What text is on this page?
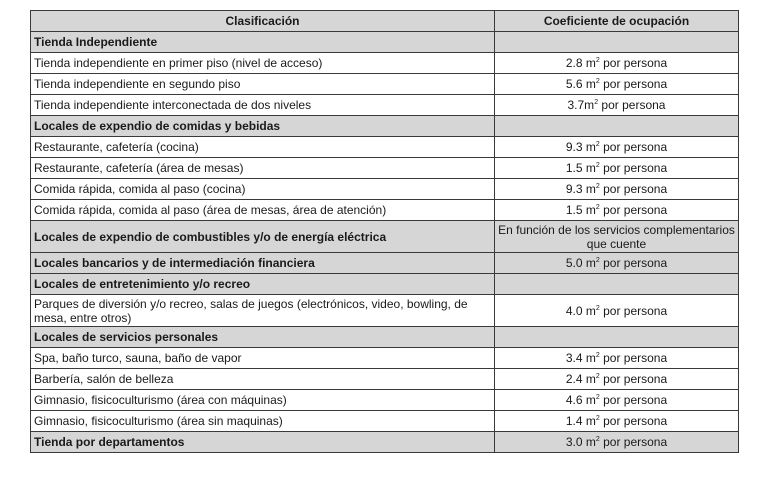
Clasificación	Coeficiente de ocupación
Tienda Independiente	
Tienda independiente en primer piso (nivel de acceso)	2.8 $m^2$ por persona
Tienda independiente en segundo piso	5.6 $m^2$ por persona
Tienda independiente interconectada de dos niveles	$3.7m^2$ por persona
Locales de expendio de comidas y bebidas	
Restaurante, cafetería (cocina)	9.3 $m^2$ por persona
Restaurante, cafetería (área de mesas)	1.5 $m^2$ por persona
Comida rápida, comida al paso (cocina)	9.3 $m^2$ por persona
Comida rápida, comida al paso (área de mesas, área de atención)	1.5 $m^2$ por persona
Locales de expendio de combustibles y/o de energía eléctrica	En función de los servicios complementarios que cuente
Locales bancarios y de intermediación financiera	5.0 $m^2$ por persona
Locales de entretenimiento y/o recreo	
Parques de diversión y/o recreo, salas de juegos (electrónicos, video, bowling, de mesa, entre otros)	4.0 $m^2$ por persona
Locales de servicios personales	
Spa, baño turco, sauna, baño de vapor	3.4 $m^2$ por persona
Barbería, salón de belleza	2.4 $m^2$ por persona
Gimnasio, fisicoculturismo (área con máquinas)	4.6 $m^2$ por persona
Gimnasio, fisicoculturismo (área sin maquinas)	1.4 $m^2$ por persona
Tienda por departamentos	3.0 $m^2$ por persona
